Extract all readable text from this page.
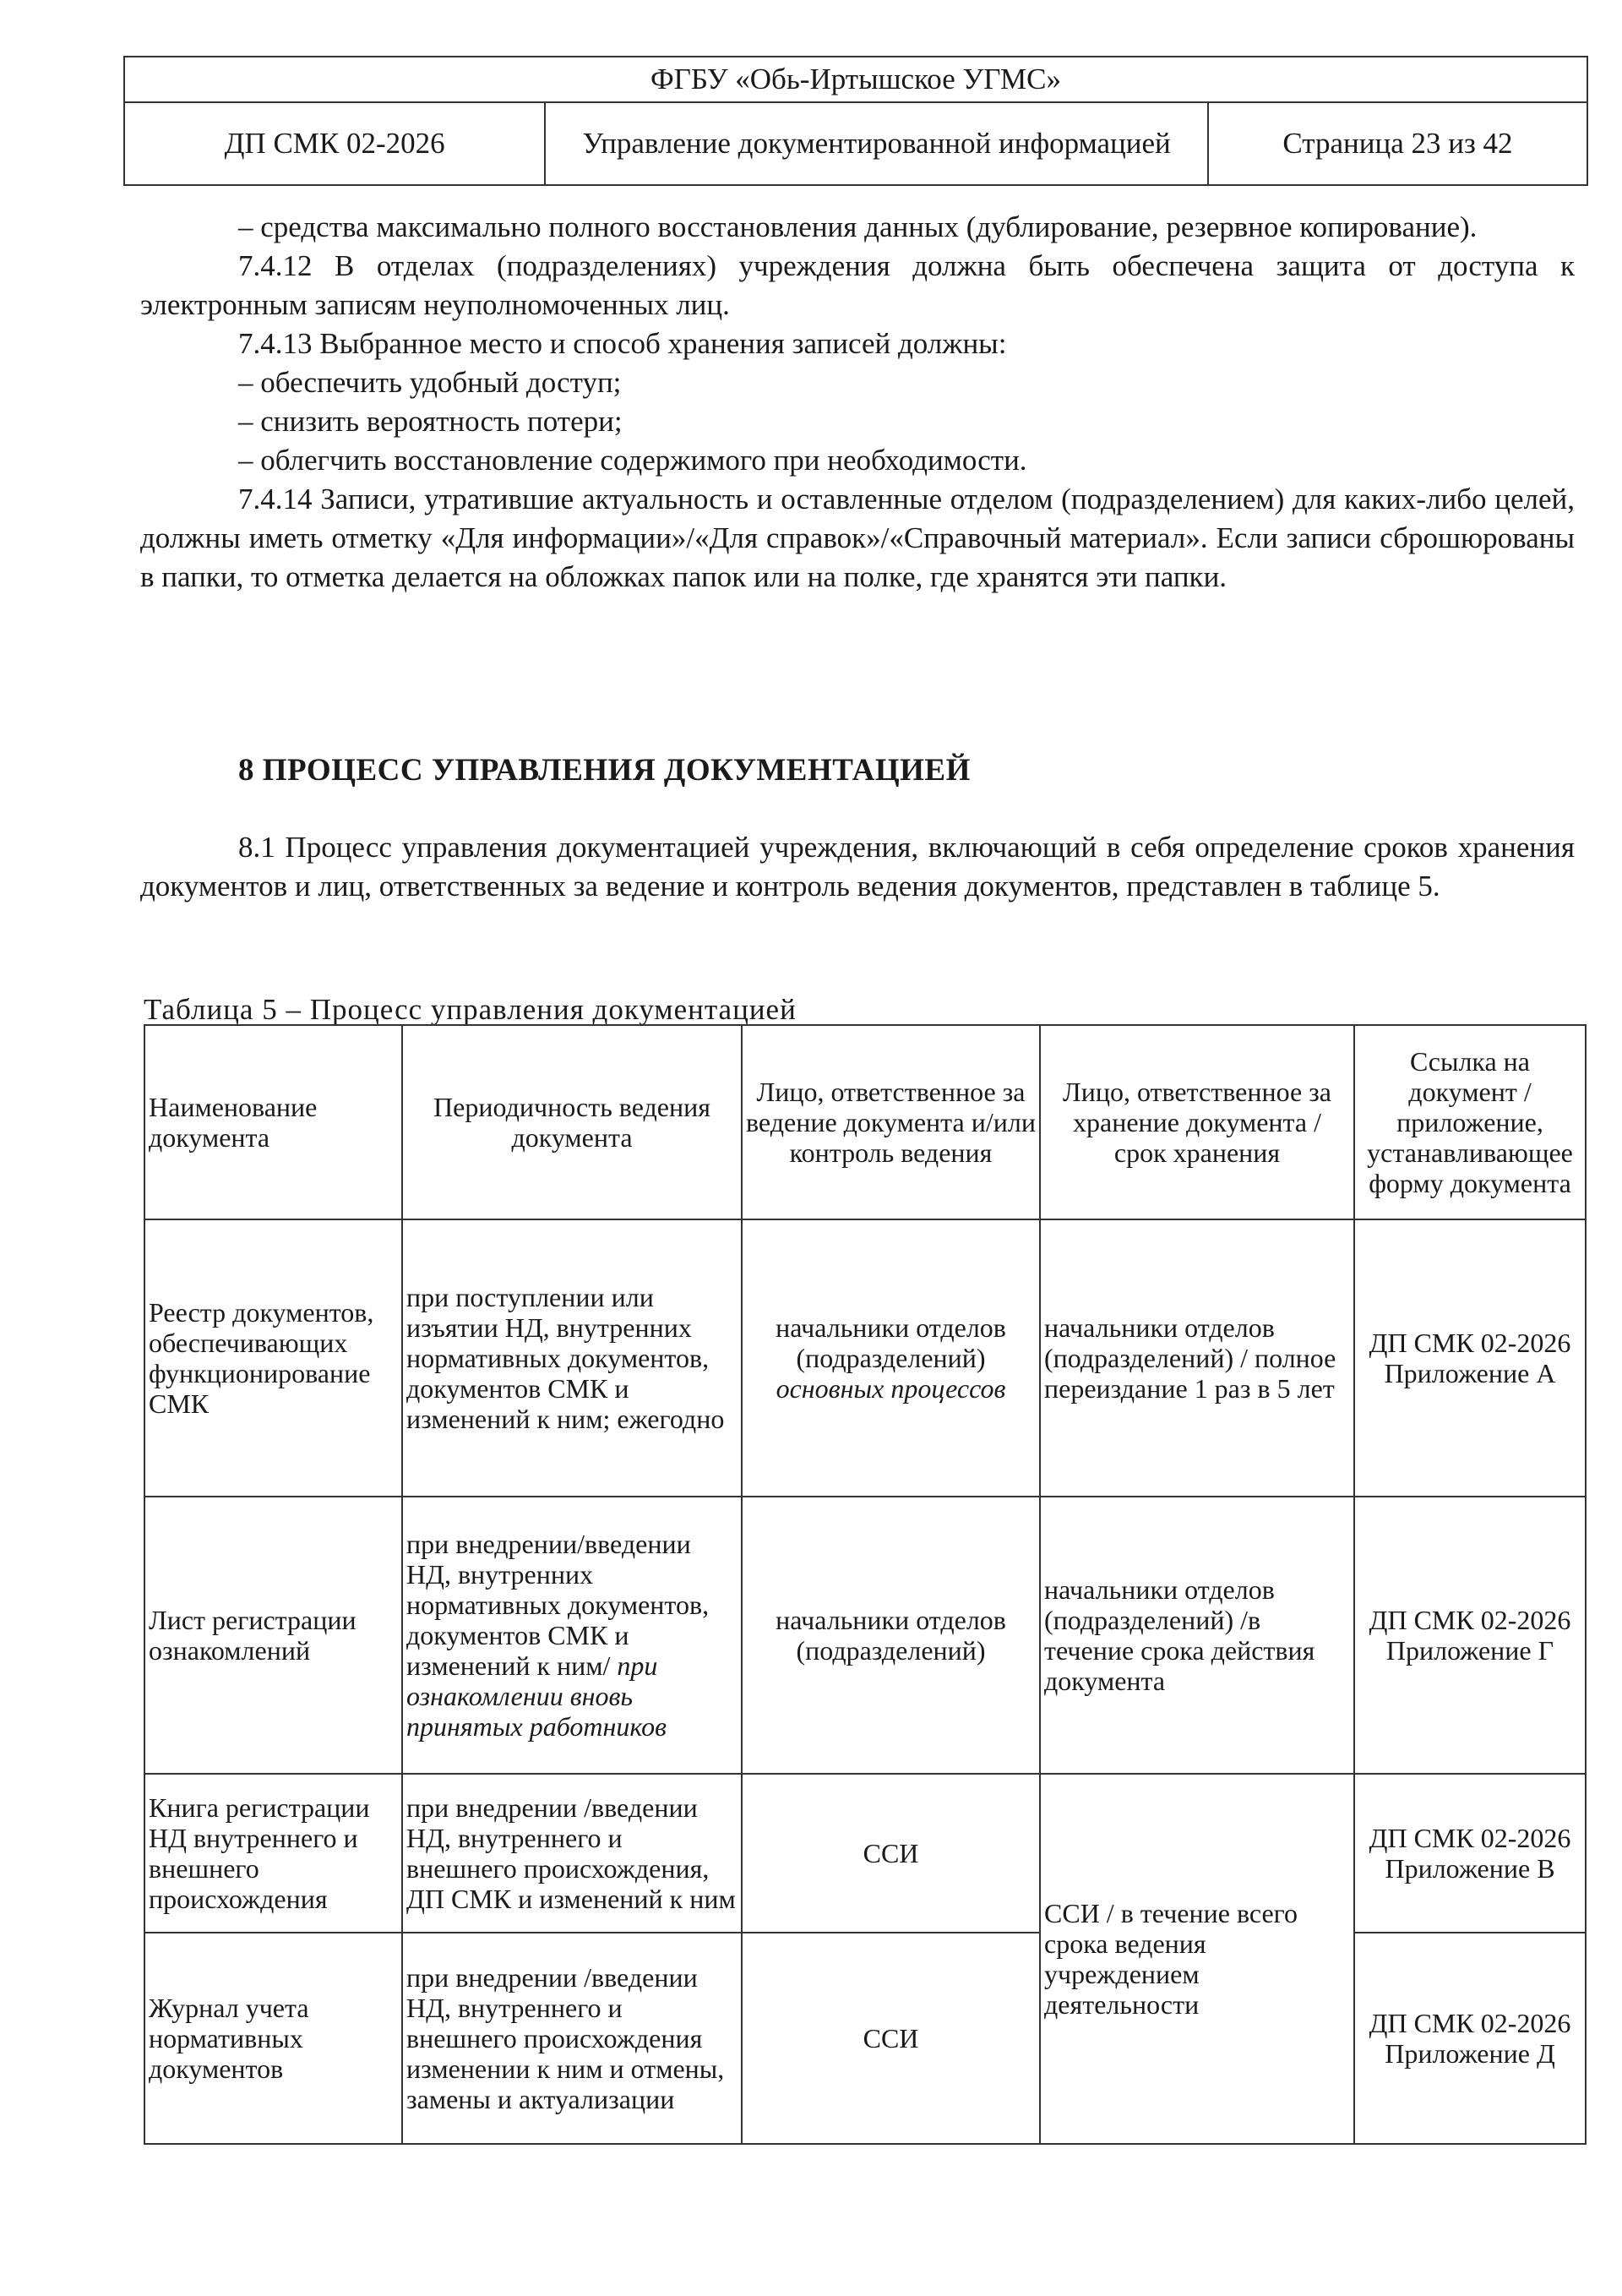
ФГБУ «Обь-Иртышское УГМС»
ДП СМК 02-2026	Управление документированной информацией	Страница 23 из 42

– средства максимально полного восстановления данных (дублирование, резервное копирование).

7.4.12 В отделах (подразделениях) учреждения должна быть обеспечена защита от доступа к электронным записям неуполномоченных лиц.

7.4.13 Выбранное место и способ хранения записей должны:

– обеспечить удобный доступ;

– снизить вероятность потери;

– облегчить восстановление содержимого при необходимости.

7.4.14 Записи, утратившие актуальность и оставленные отделом (подразделением) для каких-либо целей, должны иметь отметку «Для информации»/«Для справок»/«Справочный материал». Если записи сброшюрованы в папки, то отметка делается на обложках папок или на полке, где хранятся эти папки.

8 ПРОЦЕСС УПРАВЛЕНИЯ ДОКУМЕНТАЦИЕЙ

8.1 Процесс управления документацией учреждения, включающий в себя определение сроков хранения документов и лиц, ответственных за ведение и контроль ведения документов, представлен в таблице 5.

Таблица 5 – Процесс управления документацией
Наименование документа	Периодичность ведения документа	Лицо, ответственное за ведение документа и/или контроль ведения	Лицо, ответственное за хранение документа / срок хранения	Ссылка на документ / приложение, устанавливающее форму документа
Реестр документов, обеспечивающих функционирование СМК	при поступлении или изъятии НД, внутренних нормативных документов, документов СМК и изменений к ним; ежегодно	начальники отделов (подразделений) основных процессов	начальники отделов (подразделений) / полное переиздание 1 раз в 5 лет	ДП СМК 02-2026 Приложение А
Лист регистрации ознакомлений	при внедрении/введении НД, внутренних нормативных документов, документов СМК и изменений к ним/ при ознакомлении вновь принятых работников	начальники отделов (подразделений)	начальники отделов (подразделений) /в течение срока действия документа	ДП СМК 02-2026 Приложение Г
Книга регистрации НД внутреннего и внешнего происхождения	при внедрении /введении НД, внутреннего и внешнего происхождения, ДП СМК и изменений к ним	ССИ	ССИ / в течение всего срока ведения учреждением деятельности	ДП СМК 02-2026 Приложение В
Журнал учета нормативных документов	при внедрении /введении НД, внутреннего и внешнего происхождения изменении к ним и отмены, замены и актуализации	ССИ		ДП СМК 02-2026 Приложение Д
